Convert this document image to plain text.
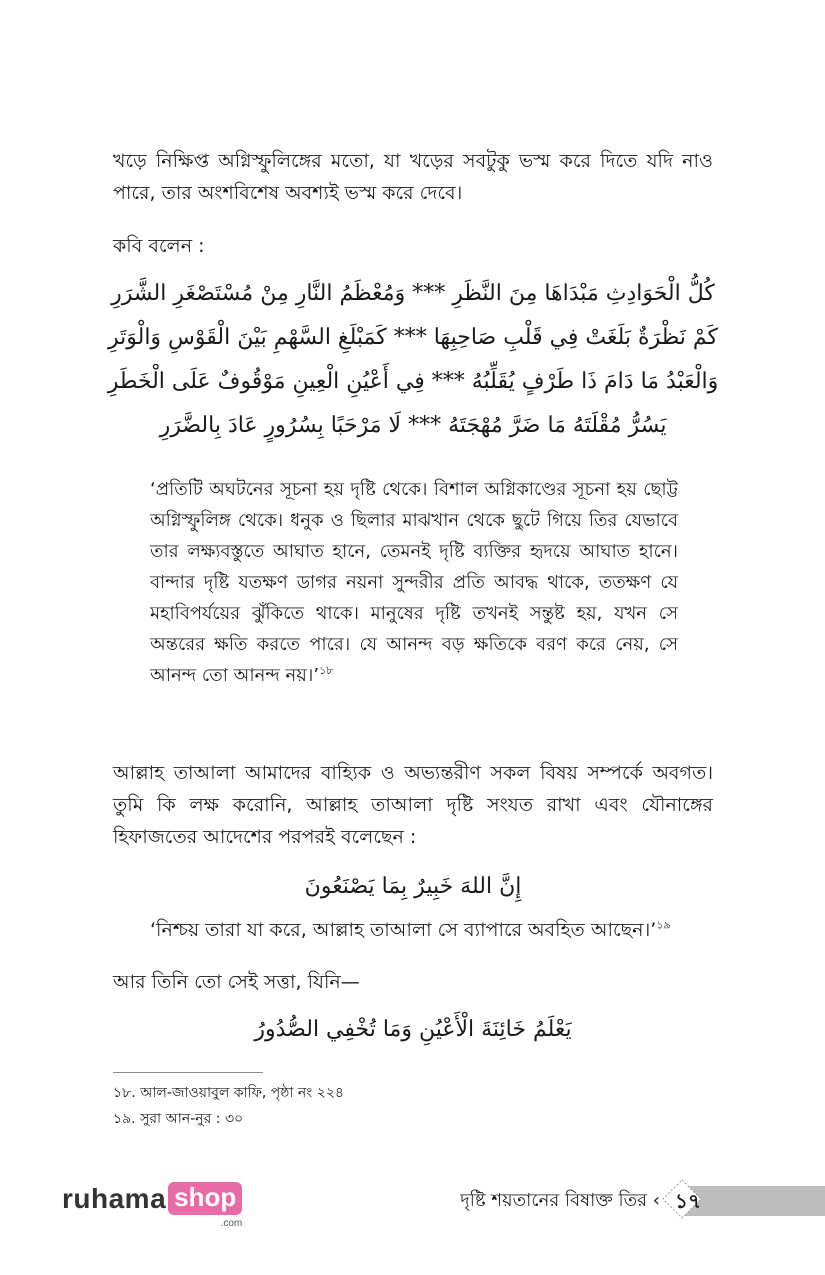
খড়ে নিক্ষিপ্ত অগ্নিস্ফুলিঙ্গের মতো, যা খড়ের সবটুকু ভস্ম করে দিতে যদি নাও পারে, তার অংশবিশেষ অবশ্যই ভস্ম করে দেবে।
কবি বলেন :
كُلُّ الْحَوَادِثِ مَبْدَاهَا مِنَ النَّظَرِ *** وَمُعْظَمُ النَّارِ مِنْ مُسْتَصْغَرِ الشَّرَرِ
كَمْ نَظْرَةٌ بَلَغَتْ فِي قَلْبِ صَاحِبِهَا *** كَمَبْلَغِ السَّهْمِ بَيْنَ الْقَوْسِ وَالْوَتَرِ
وَالْعَبْدُ مَا دَامَ ذَا طَرْفٍ يُقَلِّبُهُ *** فِي أَعْيُنِ الْعِينِ مَوْقُوفٌ عَلَى الْخَطَرِ
يَسُرُّ مُقْلَتَهُ مَا ضَرَّ مُهْجَتَهُ *** لَا مَرْحَبًا بِسُرُورٍ عَادَ بِالضَّرَرِ
‘প্রতিটি অঘটনের সূচনা হয় দৃষ্টি থেকে। বিশাল অগ্নিকাণ্ডের সূচনা হয় ছোট্ট অগ্নিস্ফুলিঙ্গ থেকে। ধনুক ও ছিলার মাঝখান থেকে ছুটে গিয়ে তির যেভাবে তার লক্ষ্যবস্তুতে আঘাত হানে, তেমনই দৃষ্টি ব্যক্তির হৃদয়ে আঘাত হানে। বান্দার দৃষ্টি যতক্ষণ ডাগর নয়না সুন্দরীর প্রতি আবদ্ধ থাকে, ততক্ষণ যে মহাবিপর্যয়ের ঝুঁকিতে থাকে। মানুষের দৃষ্টি তখনই সন্তুষ্ট হয়, যখন সে অন্তরের ক্ষতি করতে পারে। যে আনন্দ বড় ক্ষতিকে বরণ করে নেয়, সে আনন্দ তো আনন্দ নয়।’$^{১৮}$
আল্লাহ তাআলা আমাদের বাহ্যিক ও অভ্যন্তরীণ সকল বিষয় সম্পর্কে অবগত। তুমি কি লক্ষ করোনি, আল্লাহ তাআলা দৃষ্টি সংযত রাখা এবং যৌনাঙ্গের হিফাজতের আদেশের পরপরই বলেছেন :
إِنَّ اللهَ خَبِيرٌ بِمَا يَصْنَعُونَ
‘নিশ্চয় তারা যা করে, আল্লাহ তাআলা সে ব্যাপারে অবহিত আছেন।’$^{১৯}$
আর তিনি তো সেই সত্তা, যিনি—
يَعْلَمُ خَائِنَةَ الْأَعْيُنِ وَمَا تُخْفِي الصُّدُورُ
১৮. আল-জাওয়াবুল কাফি, পৃষ্ঠা নং ২২৪
১৯. সুরা আন-নুর : ৩০
ruhama shop
.com
দৃষ্টি শয়তানের বিষাক্ত তির ‹ ১৭
